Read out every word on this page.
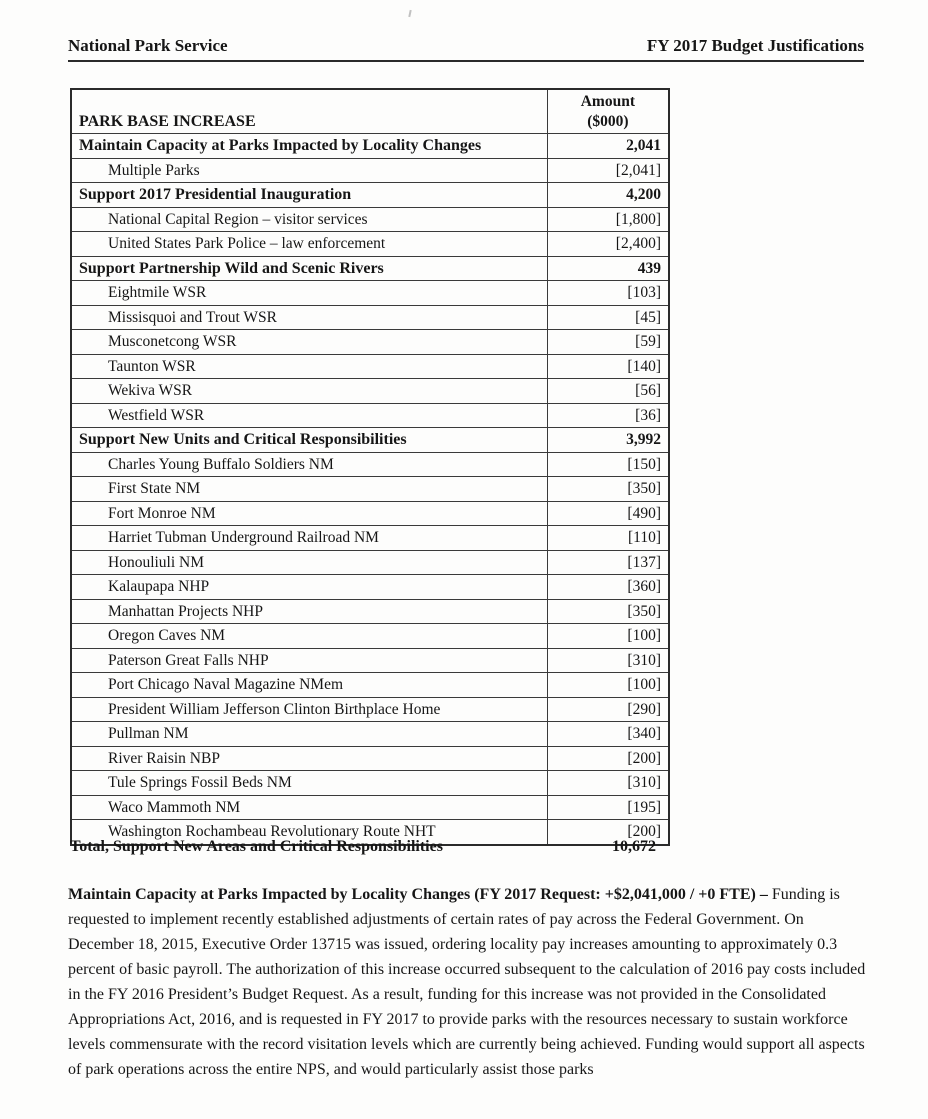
National Park Service	FY 2017 Budget Justifications
PARK BASE INCREASE	Amount
($000)

Maintain Capacity at Parks Impacted by Locality Changes	2,041
Multiple Parks	[2,041]
Support 2017 Presidential Inauguration	4,200
National Capital Region – visitor services	[1,800]
United States Park Police – law enforcement	[2,400]
Support Partnership Wild and Scenic Rivers	439
Eightmile WSR	[103]
Missisquoi and Trout WSR	[45]
Musconetcong WSR	[59]
Taunton WSR	[140]
Wekiva WSR	[56]
Westfield WSR	[36]
Support New Units and Critical Responsibilities	3,992
Charles Young Buffalo Soldiers NM	[150]
First State NM	[350]
Fort Monroe NM	[490]
Harriet Tubman Underground Railroad NM	[110]
Honouliuli NM	[137]
Kalaupapa NHP	[360]
Manhattan Projects NHP	[350]
Oregon Caves NM	[100]
Paterson Great Falls NHP	[310]
Port Chicago Naval Magazine NMem	[100]
President William Jefferson Clinton Birthplace Home	[290]
Pullman NM	[340]
River Raisin NBP	[200]
Tule Springs Fossil Beds NM	[310]
Waco Mammoth NM	[195]
Washington Rochambeau Revolutionary Route NHT	[200]
Total, Support New Areas and Critical Responsibilities	10,672
Maintain Capacity at Parks Impacted by Locality Changes (FY 2017 Request: +$2,041,000 / +0 FTE) – Funding is requested to implement recently established adjustments of certain rates of pay across the Federal Government. On December 18, 2015, Executive Order 13715 was issued, ordering locality pay increases amounting to approximately 0.3 percent of basic payroll. The authorization of this increase occurred subsequent to the calculation of 2016 pay costs included in the FY 2016 President’s Budget Request. As a result, funding for this increase was not provided in the Consolidated Appropriations Act, 2016, and is requested in FY 2017 to provide parks with the resources necessary to sustain workforce levels commensurate with the record visitation levels which are currently being achieved. Funding would support all aspects of park operations across the entire NPS, and would particularly assist those parks
